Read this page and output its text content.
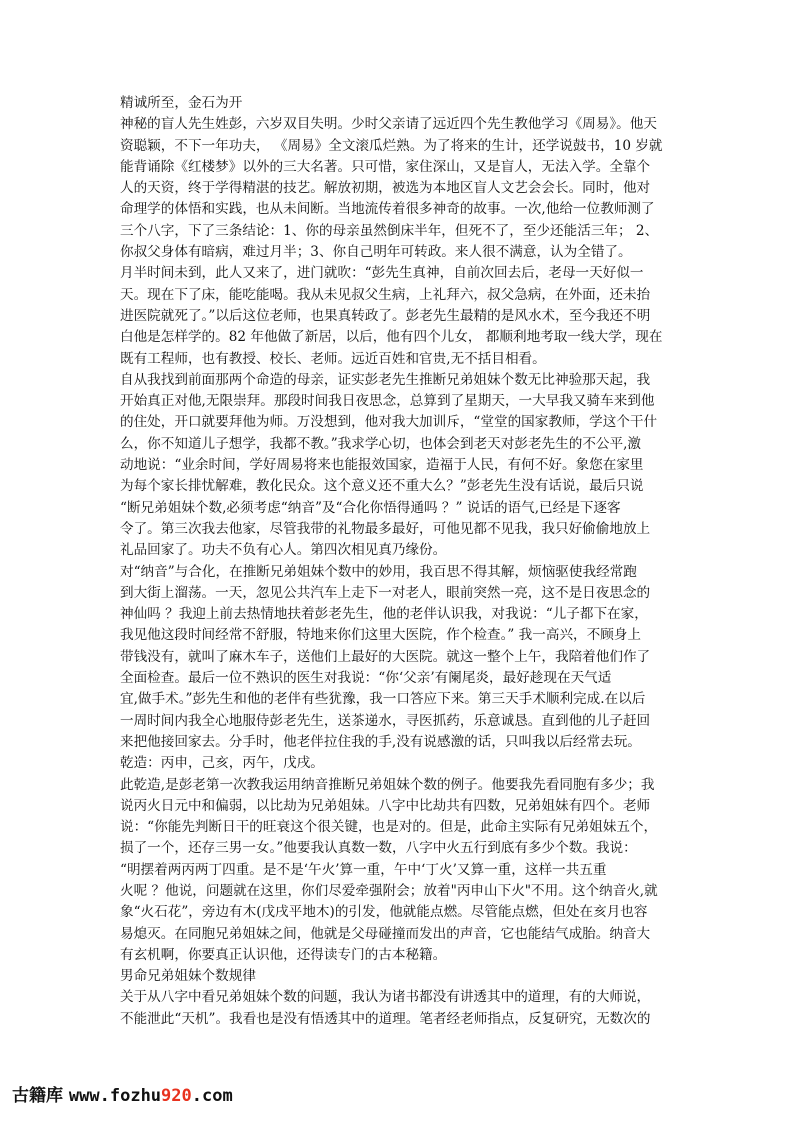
精诚所至，金石为开
神秘的盲人先生姓彭，六岁双目失明。少时父亲请了远近四个先生教他学习《周易》。他天
资聪颖，不下一年功夫， 《周易》全文滚瓜烂熟。为了将来的生计，还学说鼓书，10 岁就
能背诵除《红楼梦》以外的三大名著。只可惜，家住深山，又是盲人，无法入学。全靠个
人的天资，终于学得精湛的技艺。解放初期，被选为本地区盲人文艺会会长。同时，他对
命理学的体悟和实践，也从未间断。当地流传着很多神奇的故事。一次,他给一位教师测了
三个八字，下了三条结论：1、你的母亲虽然倒床半年，但死不了，至少还能活三年； 2、
你叔父身体有暗病，难过月半；3、你自己明年可转政。来人很不满意，认为全错了。
月半时间未到，此人又来了，进门就吹：“彭先生真神，自前次回去后，老母一天好似一
天。现在下了床，能吃能喝。我从未见叔父生病，上礼拜六，叔父急病，在外面，还未抬
进医院就死了。”以后这位老师，也果真转政了。彭老先生最精的是风水术，至今我还不明
白他是怎样学的。82 年他做了新居，以后，他有四个儿女， 都顺利地考取一线大学，现在
既有工程师，也有教授、校长、老师。远近百姓和官贵,无不括目相看。
自从我找到前面那两个命造的母亲，证实彭老先生推断兄弟姐妹个数无比神验那天起，我
开始真正对他,无限崇拜。那段时间我日夜思念，总算到了星期天，一大早我又骑车来到他
的住处，开口就要拜他为师。万没想到，他对我大加训斥，“堂堂的国家教师，学这个干什
么，你不知道儿子想学，我都不教。”我求学心切，也体会到老天对彭老先生的不公平,激
动地说：“业余时间，学好周易将来也能报效国家，造福于人民，有何不好。象您在家里
为每个家长排忧解难，教化民众。这个意义还不重大么？”彭老先生没有话说，最后只说
“断兄弟姐妹个数,必须考虑“纳音”及“合化你悟得通吗 ？” 说话的语气,已经是下逐客
令了。第三次我去他家，尽管我带的礼物最多最好，可他见都不见我，我只好偷偷地放上
礼品回家了。功夫不负有心人。第四次相见真乃缘份。
对“纳音”与合化，在推断兄弟姐妹个数中的妙用，我百思不得其解，烦恼驱使我经常跑
到大街上溜荡。一天，忽见公共汽车上走下一对老人，眼前突然一亮，这不是日夜思念的
神仙吗 ？我迎上前去热情地扶着彭老先生，他的老伴认识我，对我说：“儿子都下在家，
我见他这段时间经常不舒服，特地来你们这里大医院，作个检查。” 我一高兴，不顾身上
带钱没有，就叫了麻木车子，送他们上最好的大医院。就这一整个上午，我陪着他们作了
全面检查。最后一位不熟识的医生对我说：“你‘父亲’有阑尾炎，最好趁现在天气适
宜,做手术。”彭先生和他的老伴有些犹豫，我一口答应下来。第三天手术顺利完成.在以后
一周时间内我全心地服侍彭老先生，送茶递水，寻医抓药，乐意诚恳。直到他的儿子赶回
来把他接回家去。分手时，他老伴拉住我的手,没有说感激的话，只叫我以后经常去玩。
乾造：丙申，己亥，丙午，戊戌。
此乾造,是彭老第一次教我运用纳音推断兄弟姐妹个数的例子。他要我先看同胞有多少；我
说丙火日元中和偏弱，以比劫为兄弟姐妹。八字中比劫共有四数，兄弟姐妹有四个。老师
说：“你能先判断日干的旺衰这个很关键，也是对的。但是，此命主实际有兄弟姐妹五个，
损了一个，还存三男一女。”他要我认真数一数，八字中火五行到底有多少个数。我说：
“明摆着两丙两丁四重。是不是‘午火’算一重，午中‘丁火’又算一重，这样一共五重
火呢 ？他说，问题就在这里，你们尽爱牵强附会；放着"丙申山下火"不用。这个纳音火,就
象“火石花”，旁边有木(戊戌平地木)的引发，他就能点燃。尽管能点燃，但处在亥月也容
易熄灭。在同胞兄弟姐妹之间，他就是父母碰撞而发出的声音，它也能结气成胎。纳音大
有玄机啊，你要真正认识他，还得读专门的古本秘籍。
男命兄弟姐妹个数规律
关于从八字中看兄弟姐妹个数的问题，我认为诸书都没有讲透其中的道理，有的大师说，
不能泄此“天机”。我看也是没有悟透其中的道理。笔者经老师指点，反复研究，无数次的
古籍库 www.fozhu920.com
